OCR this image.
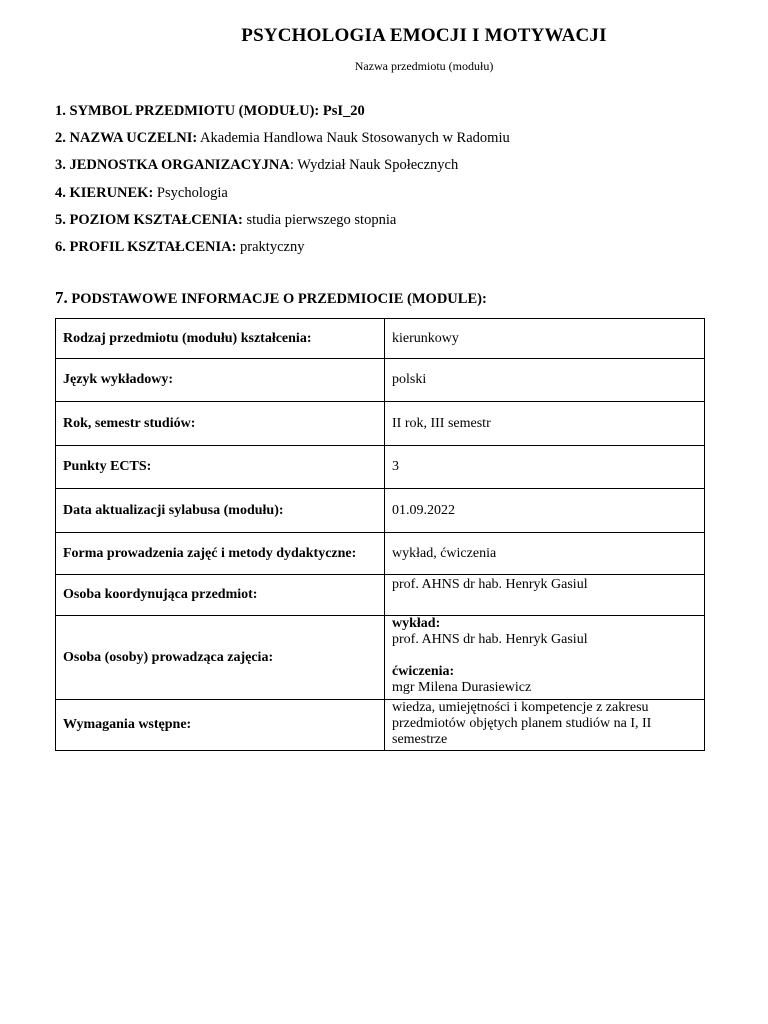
PSYCHOLOGIA EMOCJI I MOTYWACJI
Nazwa przedmiotu (modułu)
1. SYMBOL PRZEDMIOTU (MODUŁU): PsI_20
2. NAZWA UCZELNI: Akademia Handlowa Nauk Stosowanych w Radomiu
3. JEDNOSTKA ORGANIZACYJNA: Wydział Nauk Społecznych
4. KIERUNEK: Psychologia
5. POZIOM KSZTAŁCENIA: studia pierwszego stopnia
6. PROFIL KSZTAŁCENIA: praktyczny
7. PODSTAWOWE INFORMACJE O PRZEDMIOCIE (MODULE):
Rodzaj przedmiotu (modułu) kształcenia:	kierunkowy
Język wykładowy:	polski
Rok, semestr studiów:	II rok, III semestr
Punkty ECTS:	3
Data aktualizacji sylabusa (modułu):	01.09.2022
Forma prowadzenia zajęć i metody dydaktyczne:	wykład, ćwiczenia
Osoba koordynująca przedmiot:	prof. AHNS dr hab. Henryk Gasiul
Osoba (osoby) prowadząca zajęcia:	wykład:
prof. AHNS dr hab. Henryk Gasiul
ćwiczenia:
mgr Milena Durasiewicz

Wymagania wstępne:	wiedza, umiejętności i kompetencje z zakresu przedmiotów objętych planem studiów na I, II semestrze
